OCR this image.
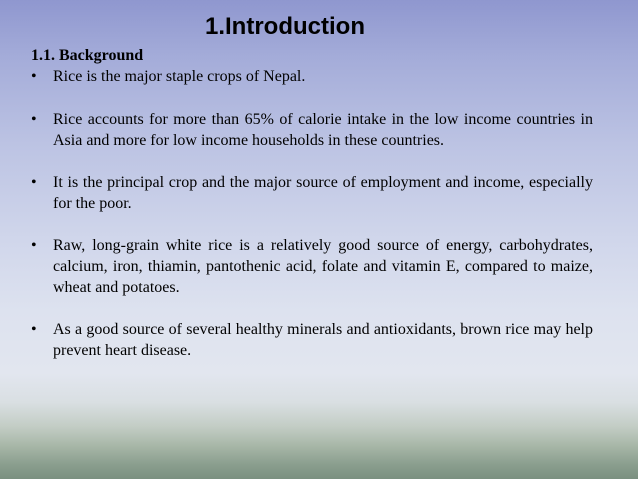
1.Introduction
1.1. Background
• Rice is the major staple crops of Nepal.
• Rice accounts for more than 65% of calorie intake in the low income countries in Asia and more for low income households in these countries.
• It is the principal crop and the major source of employment and income, especially for the poor.
• Raw, long-grain white rice is a relatively good source of energy, carbohydrates, calcium, iron, thiamin, pantothenic acid, folate and vitamin E, compared to maize, wheat and potatoes.
• As a good source of several healthy minerals and antioxidants, brown rice may help prevent heart disease.
